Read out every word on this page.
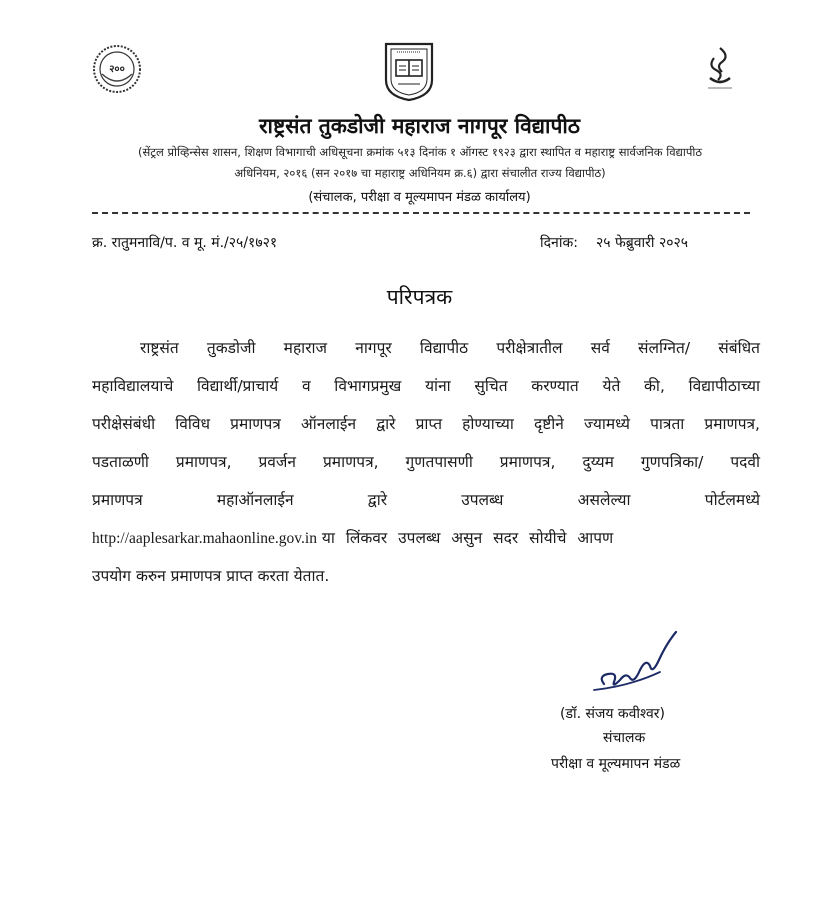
२००
राष्ट्रसंत तुकडोजी महाराज नागपूर विद्यापीठ
(सेंट्रल प्रोव्हिन्सेस शासन, शिक्षण विभागाची अधिसूचना क्रमांक ५१३ दिनांक १ ऑगस्ट १९२३ द्वारा स्थापित व महाराष्ट्र सार्वजनिक विद्यापीठ
अधिनियम, २०१६ (सन २०१७ चा महाराष्ट्र अधिनियम क्र.६) द्वारा संचालीत राज्य विद्यापीठ)
(संचालक, परीक्षा व मूल्यमापन मंडळ कार्यालय)
क्र. रातुमनावि/प. व मू. मं./२५/१७२१	दिनांक: २५ फेब्रुवारी २०२५
परिपत्रक
राष्ट्रसंत तुकडोजी महाराज नागपूर विद्यापीठ परीक्षेत्रातील सर्व संलग्नित/ संबंधित
महाविद्यालयाचे विद्यार्थी/प्राचार्य व विभागप्रमुख यांना सुचित करण्यात येते की, विद्यापीठाच्या
परीक्षेसंबंधी विविध प्रमाणपत्र ऑनलाईन द्वारे प्राप्त होण्याच्या दृष्टीने ज्यामध्ये पात्रता प्रमाणपत्र,
पडताळणी प्रमाणपत्र, प्रवर्जन प्रमाणपत्र, गुणतपासणी प्रमाणपत्र, दुय्यम गुणपत्रिका/ पदवी
प्रमाणपत्र महाऑनलाईन द्वारे उपलब्ध असलेल्या पोर्टलमध्ये
http://aaplesarkar.mahaonline.gov.in या लिंकवर उपलब्ध असुन सदर सोयीचे आपण
उपयोग करुन प्रमाणपत्र प्राप्त करता येतात.
(डॉ. संजय कवीश्वर)
संचालक
परीक्षा व मूल्यमापन मंडळ
